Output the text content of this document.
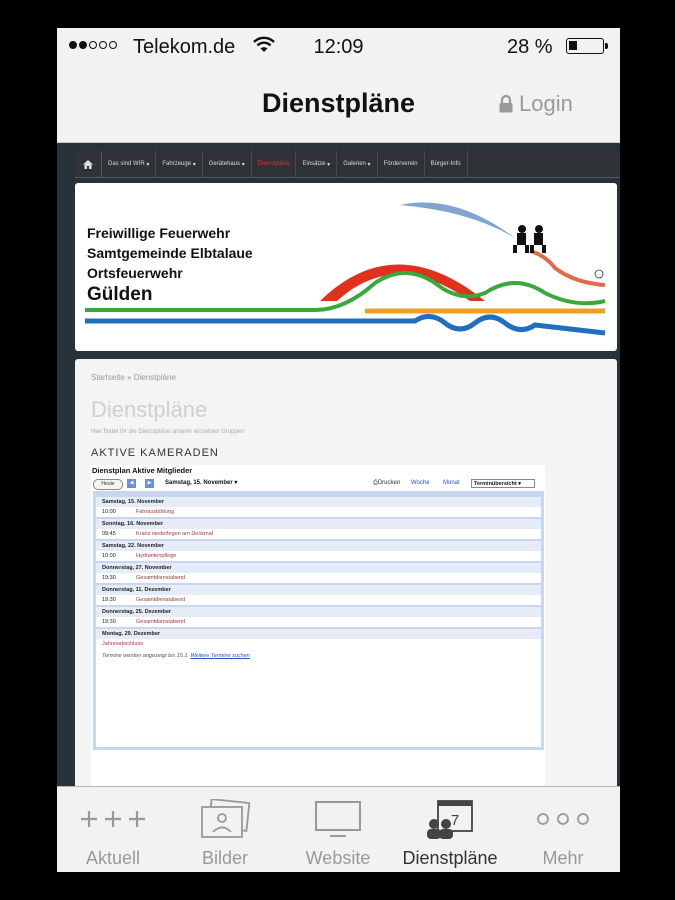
Telekom.de	12:09	28 %
Dienstpläne	Login
Das sind WIR ▾	Fahrzeuge ▾	Gerätehaus ▾	Dienstpläne Einsätze ▾	Galerien ▾	Förderverein Bürger-Info
Freiwillige Feuerwehr
Samtgemeinde Elbtalaue
Ortsfeuerwehr
Gülden
Startseite » Dienstpläne
Dienstpläne
Hier findet Ihr die Dienstpläne unserer einzelnen Gruppen
AKTIVE KAMERADEN
Dienstplan Aktive Mitglieder
Heute	◀	▶	Samstag, 15. November ▾	⎙Drucken Woche Monat	Terminübersicht ▾
Samstag, 15. November
10:00	Fahrausbildung
Sonntag, 16. November
09:45	Kranz niederlegen am Denkmal
Samstag, 22. November
10:00	Hydrantenpflege
Donnerstag, 27. November
19:30	Gesamtdienstabend
Donnerstag, 11. Dezember
19:30	Gesamtdienstabend
Donnerstag, 25. Dezember
19:30	Gesamtdienstabend
Montag, 29. Dezember
Jahresabschluss
Termine werden angezeigt bis 15.1. Weitere Termine suchen
Aktuell	Bilder	Website
7
Dienstpläne	Mehr
